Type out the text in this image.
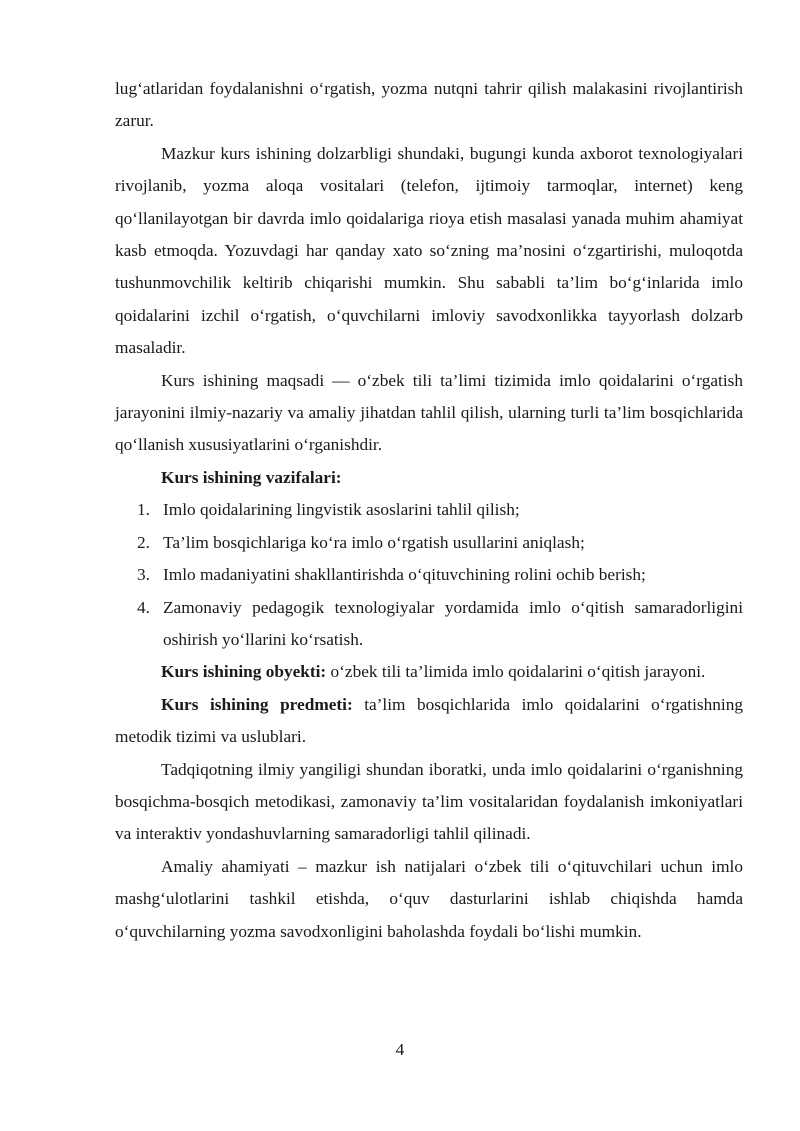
lug‘atlaridan foydalanishni o‘rgatish, yozma nutqni tahrir qilish malakasini rivojlantirish zarur.

Mazkur kurs ishining dolzarbligi shundaki, bugungi kunda axborot texnologiyalari rivojlanib, yozma aloqa vositalari (telefon, ijtimoiy tarmoqlar, internet) keng qo‘llanilayotgan bir davrda imlo qoidalariga rioya etish masalasi yanada muhim ahamiyat kasb etmoqda. Yozuvdagi har qanday xato so‘zning ma’nosini o‘zgartirishi, muloqotda tushunmovchilik keltirib chiqarishi mumkin. Shu sababli ta’lim bo‘g‘inlarida imlo qoidalarini izchil o‘rgatish, o‘quvchilarni imloviy savodxonlikka tayyorlash dolzarb masaladir.

Kurs ishining maqsadi — o‘zbek tili ta’limi tizimida imlo qoidalarini o‘rgatish jarayonini ilmiy-nazariy va amaliy jihatdan tahlil qilish, ularning turli ta’lim bosqichlarida qo‘llanish xususiyatlarini o‘rganishdir.

Kurs ishining vazifalari:
1. Imlo qoidalarining lingvistik asoslarini tahlil qilish;
2. Ta’lim bosqichlariga ko‘ra imlo o‘rgatish usullarini aniqlash;
3. Imlo madaniyatini shakllantirishda o‘qituvchining rolini ochib berish;
4. Zamonaviy pedagogik texnologiyalar yordamida imlo o‘qitish samaradorligini oshirish yo‘llarini ko‘rsatish.

Kurs ishining obyekti: o‘zbek tili ta’limida imlo qoidalarini o‘qitish jarayoni.

Kurs ishining predmeti: ta’lim bosqichlarida imlo qoidalarini o‘rgatishning metodik tizimi va uslublari.

Tadqiqotning ilmiy yangiligi shundan iboratki, unda imlo qoidalarini o‘rganishning bosqichma-bosqich metodikasi, zamonaviy ta’lim vositalaridan foydalanish imkoniyatlari va interaktiv yondashuvlarning samaradorligi tahlil qilinadi.

Amaliy ahamiyati – mazkur ish natijalari o‘zbek tili o‘qituvchilari uchun imlo mashg‘ulotlarini tashkil etishda, o‘quv dasturlarini ishlab chiqishda hamda o‘quvchilarning yozma savodxonligini baholashda foydali bo‘lishi mumkin.

4
